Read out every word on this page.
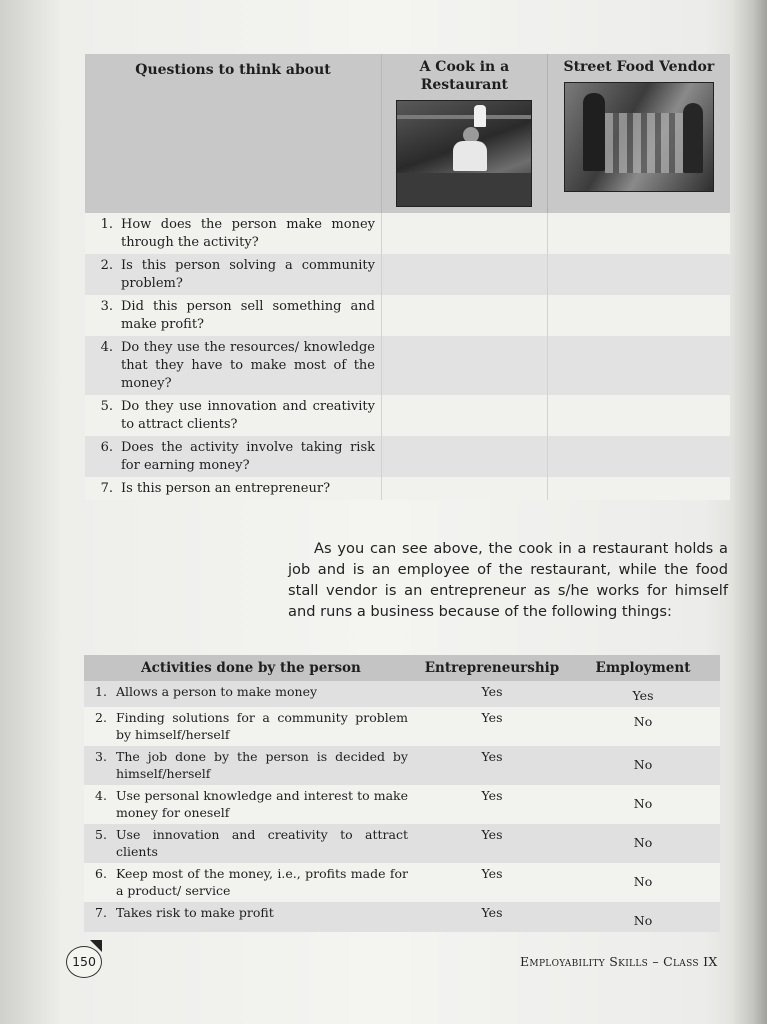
Questions to think about		A Cook in a Restaurant	Street Food Vendor

1.	How does the person make money through the activity?		
2.	Is this person solving a community problem?		
3.	Did this person sell something and make profit?		
4.	Do they use the resources/ knowledge that they have to make most of the money?		
5.	Do they use innovation and creativity to attract clients?		
6.	Does the activity involve taking risk for earning money?		
7.	Is this person an entrepreneur?		

As you can see above, the cook in a restaurant holds a job and is an employee of the restaurant, while the food stall vendor is an entrepreneur as s/he works for himself and runs a business because of the following things:

Activities done by the person		Entrepreneurship	Employment
1.	Allows a person to make money	Yes	Yes
2.	Finding solutions for a community problem by himself/herself	Yes	No
3.	The job done by the person is decided by himself/herself	Yes	No
4.	Use personal knowledge and interest to make money for oneself	Yes	No
5.	Use innovation and creativity to attract clients	Yes	No
6.	Keep most of the money, i.e., profits made for a product/ service	Yes	No
7.	Takes risk to make profit	Yes	No
150	Employability Skills – Class IX
